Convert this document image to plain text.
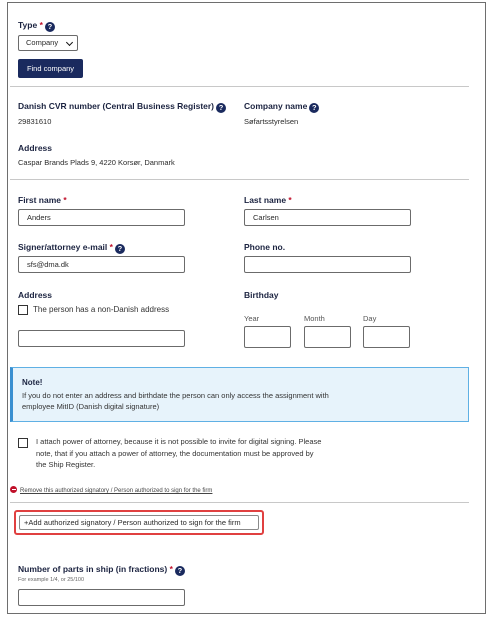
Type * ?
Company
Find company
Danish CVR number (Central Business Register) ?
29831610
Company name ?
Søfartsstyrelsen
Address
Caspar Brands Plads 9, 4220 Korsør, Danmark
First name *
Anders
Last name *
Carlsen
Signer/attorney e-mail * ?
sfs@dma.dk
Phone no.
Address
The person has a non-Danish address
Birthday
Year	Month	Day
Note!
If you do not enter an address and birthdate the person can only access the assignment with employee MitID (Danish digital signature)
I attach power of attorney, because it is not possible to invite for digital signing. Please note, that if you attach a power of attorney, the documentation must be approved by the Ship Register.
Remove this authorized signatory / Person authorized to sign for the firm
+Add authorized signatory / Person authorized to sign for the firm
Number of parts in ship (in fractions) * ?
For example 1/4, or 25/100
